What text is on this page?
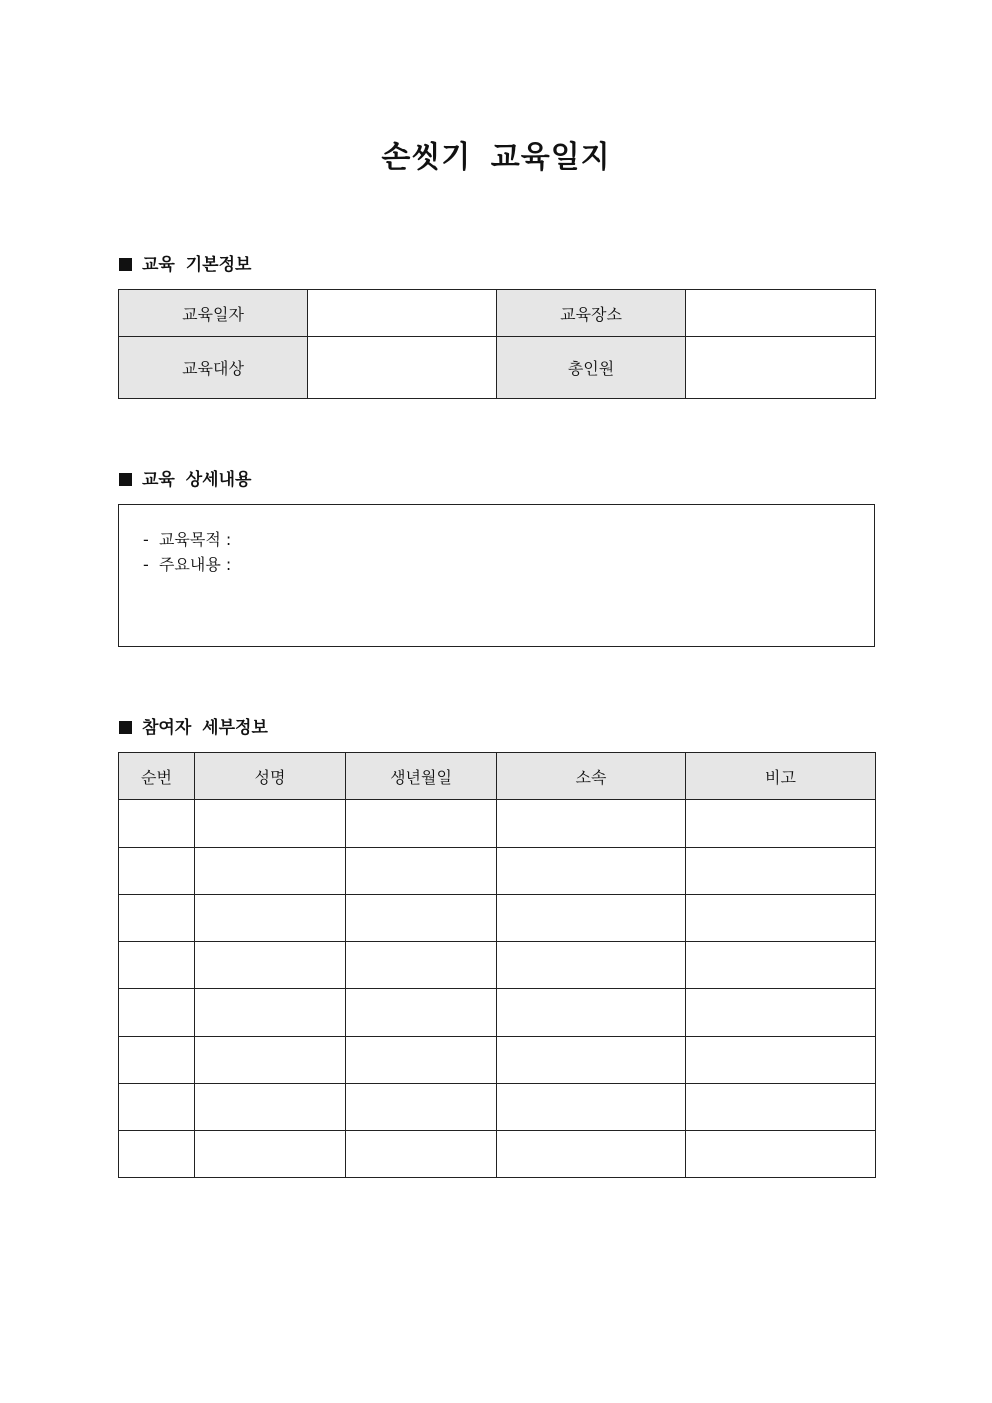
손씻기 교육일지
교육 기본정보
교육일자		교육장소	
교육대상		총인원	
교육 상세내용
-  교육목적 :
-  주요내용 :
참여자 세부정보
순번	성명	생년월일	소속	비고
